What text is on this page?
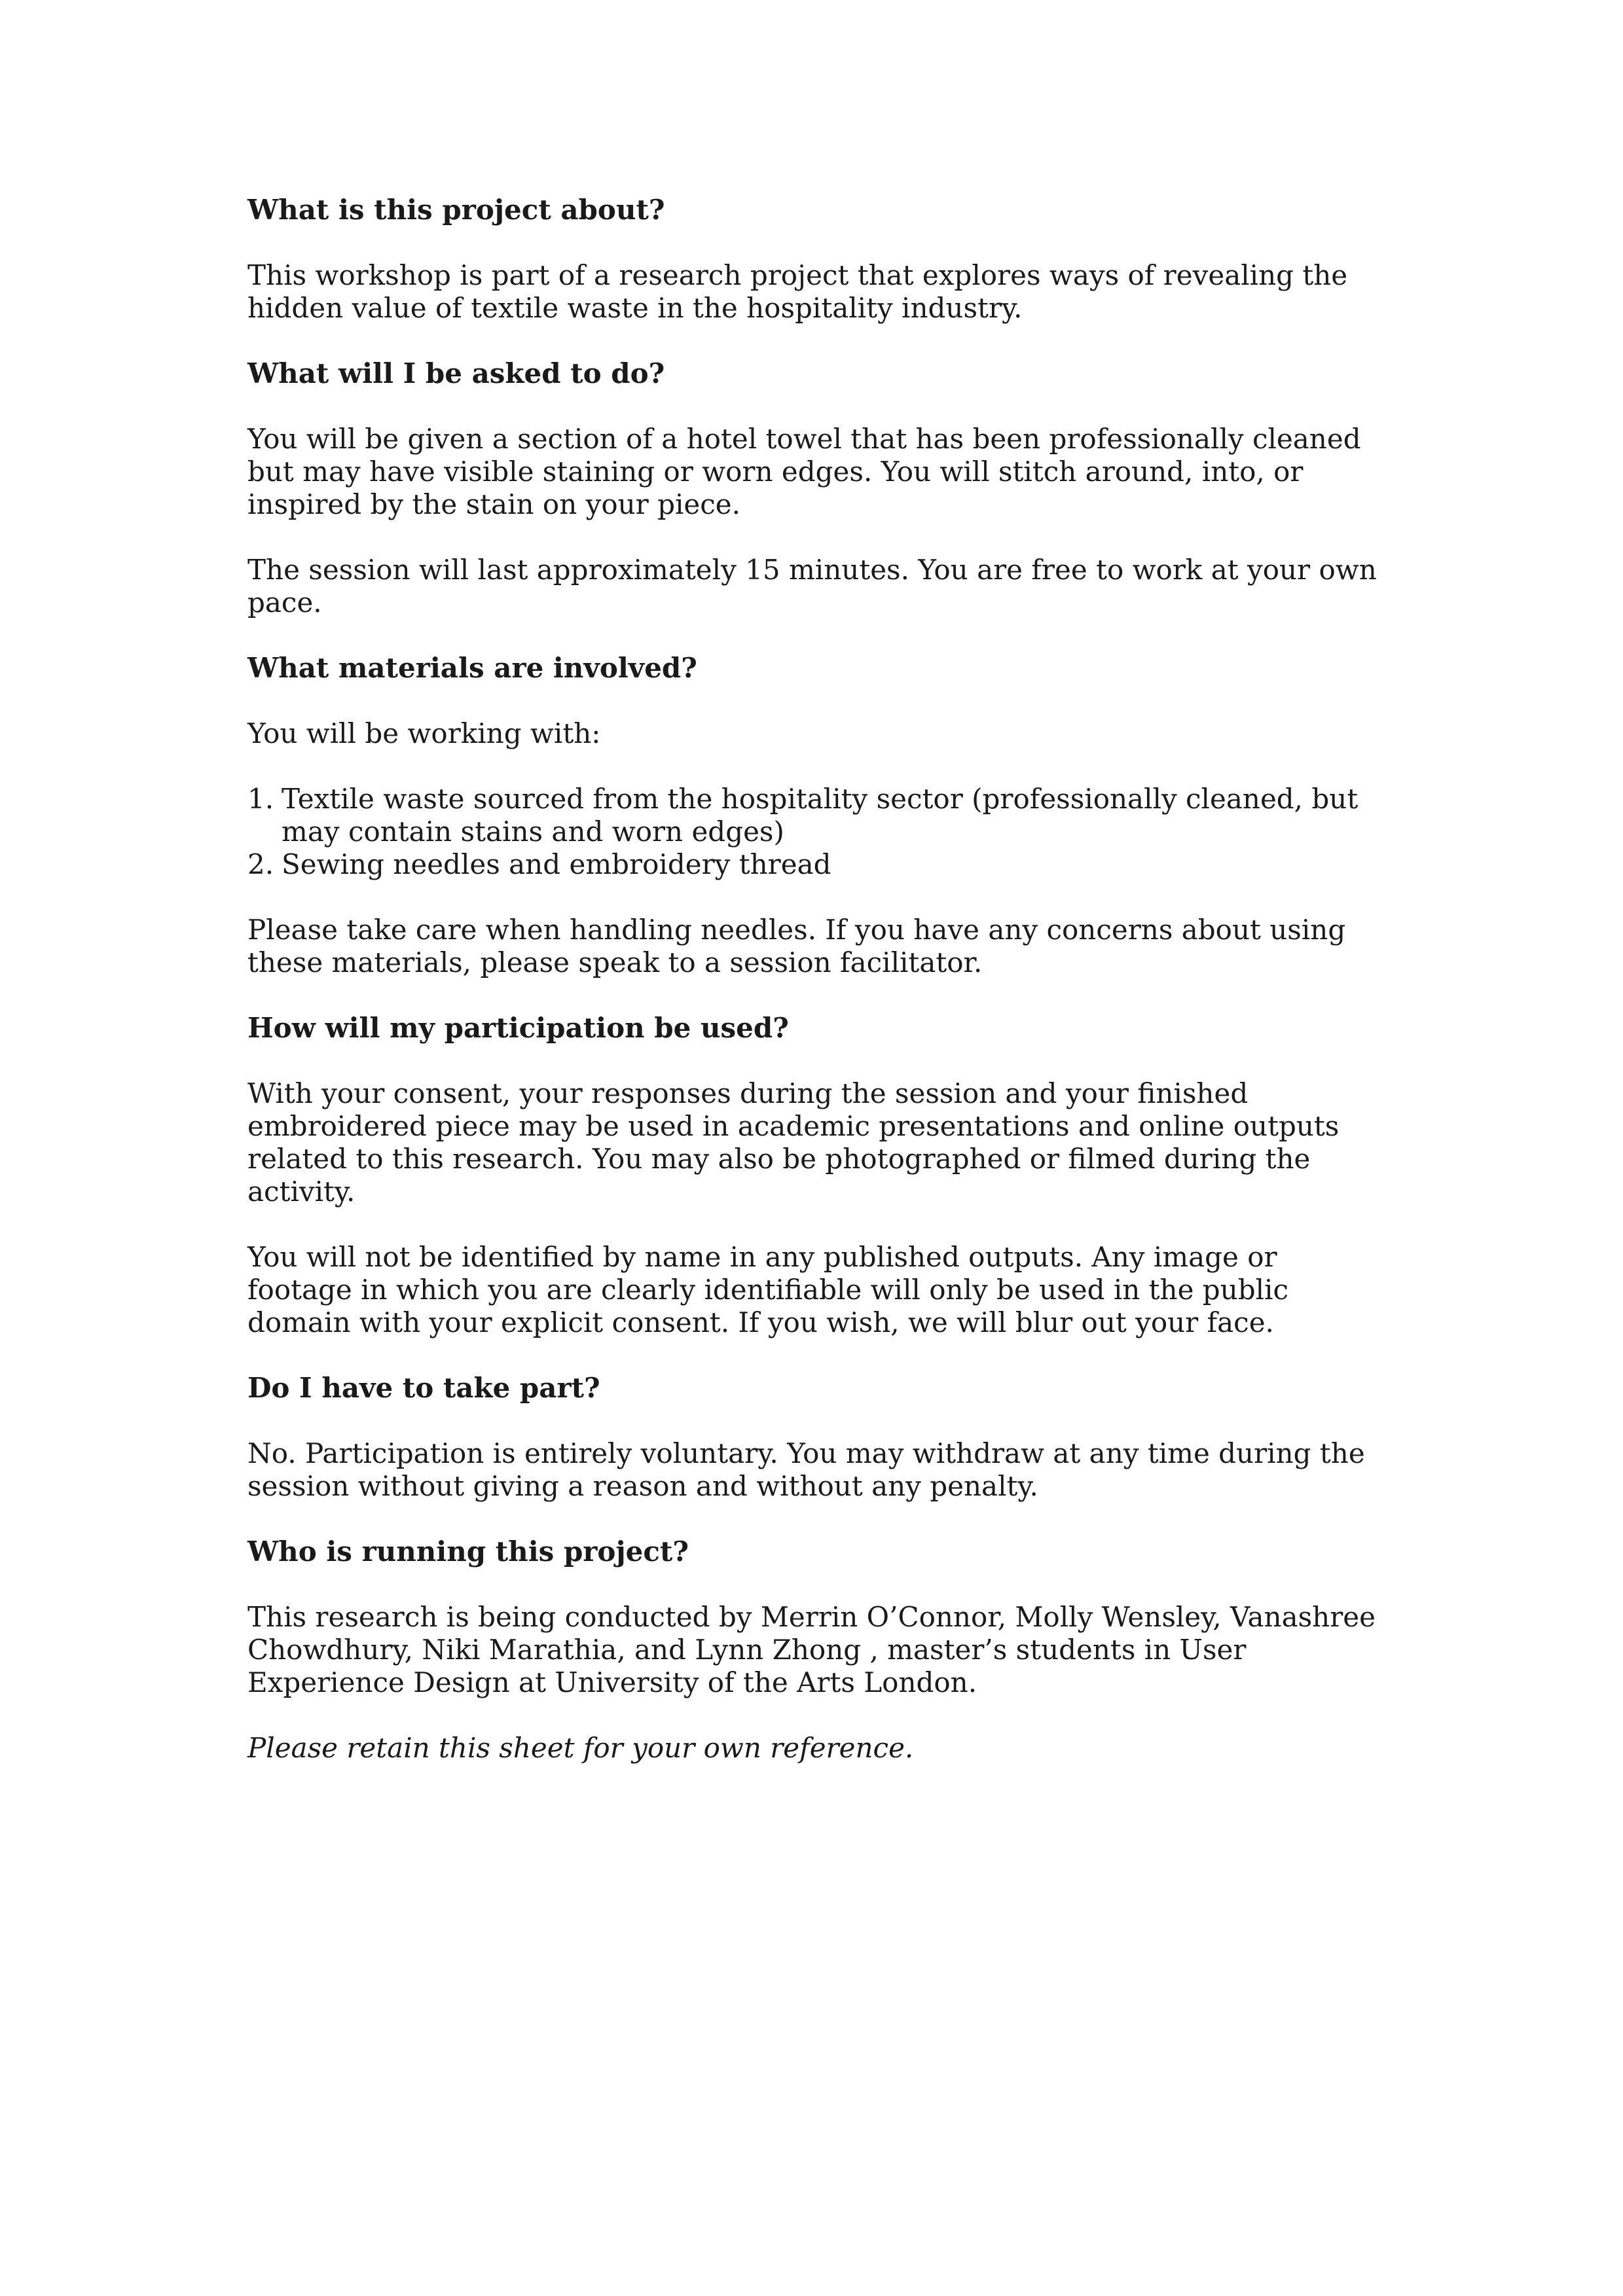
What is this project about?
This workshop is part of a research project that explores ways of revealing the hidden value of textile waste in the hospitality industry.
What will I be asked to do?
You will be given a section of a hotel towel that has been professionally cleaned but may have visible staining or worn edges. You will stitch around, into, or inspired by the stain on your piece.
The session will last approximately 15 minutes. You are free to work at your own pace.
What materials are involved?
You will be working with:
1. Textile waste sourced from the hospitality sector (professionally cleaned, but may contain stains and worn edges)
2. Sewing needles and embroidery thread
Please take care when handling needles. If you have any concerns about using these materials, please speak to a session facilitator.
How will my participation be used?
With your consent, your responses during the session and your finished embroidered piece may be used in academic presentations and online outputs related to this research. You may also be photographed or filmed during the activity.
You will not be identified by name in any published outputs. Any image or footage in which you are clearly identifiable will only be used in the public domain with your explicit consent. If you wish, we will blur out your face.
Do I have to take part?
No. Participation is entirely voluntary. You may withdraw at any time during the session without giving a reason and without any penalty.
Who is running this project?
This research is being conducted by Merrin O’Connor, Molly Wensley, Vanashree Chowdhury, Niki Marathia, and Lynn Zhong , master’s students in User Experience Design at University of the Arts London.
Please retain this sheet for your own reference.
